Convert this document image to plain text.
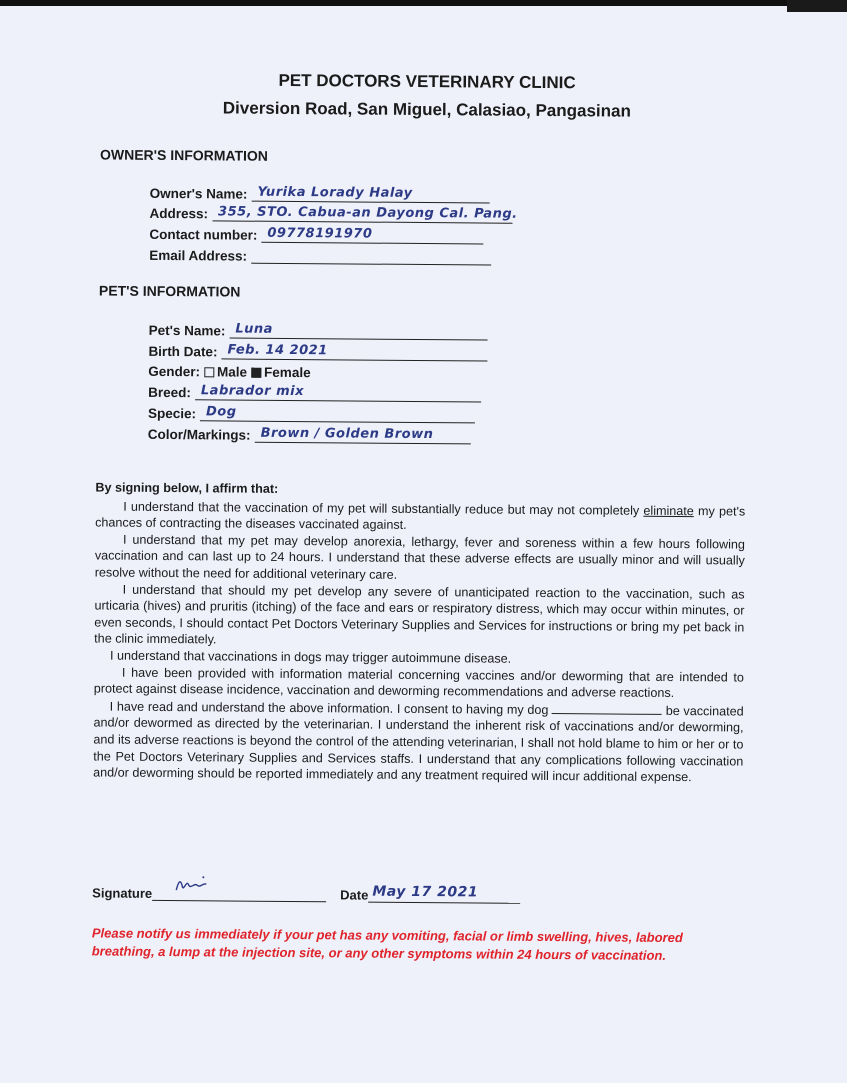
PET DOCTORS VETERINARY CLINIC
Diversion Road, San Miguel, Calasiao, Pangasinan
OWNER'S INFORMATION
Owner's Name: Yurika Lorady Halay
Address: 355, STO. Cabua-an Dayong Cal. Pang.
Contact number: 09778191970
Email Address:
PET'S INFORMATION
Pet's Name: Luna
Birth Date: Feb. 14 2021
Gender: Male Female
Breed: Labrador mix
Specie: Dog
Color/Markings: Brown / Golden Brown
By signing below, I affirm that:

I understand that the vaccination of my pet will substantially reduce but may not completely eliminate my pet's chances of contracting the diseases vaccinated against.

I understand that my pet may develop anorexia, lethargy, fever and soreness within a few hours following vaccination and can last up to 24 hours. I understand that these adverse effects are usually minor and will usually resolve without the need for additional veterinary care.

I understand that should my pet develop any severe of unanticipated reaction to the vaccination, such as urticaria (hives) and pruritis (itching) of the face and ears or respiratory distress, which may occur within minutes, or even seconds, I should contact Pet Doctors Veterinary Supplies and Services for instructions or bring my pet back in the clinic immediately.

I understand that vaccinations in dogs may trigger autoimmune disease.

I have been provided with information material concerning vaccines and/or deworming that are intended to protect against disease incidence, vaccination and deworming recommendations and adverse reactions.

I have read and understand the above information. I consent to having my dog	be vaccinated and/or dewormed as directed by the veterinarian. I understand the inherent risk of vaccinations and/or deworming, and its adverse reactions is beyond the control of the attending veterinarian, I shall not hold blame to him or her or to the Pet Doctors Veterinary Supplies and Services staffs. I understand that any complications following vaccination and/or deworming should be reported immediately and any treatment required will incur additional expense.

Signature	Date May 17 2021
Please notify us immediately if your pet has any vomiting, facial or limb swelling, hives, labored breathing, a lump at the injection site, or any other symptoms within 24 hours of vaccination.
